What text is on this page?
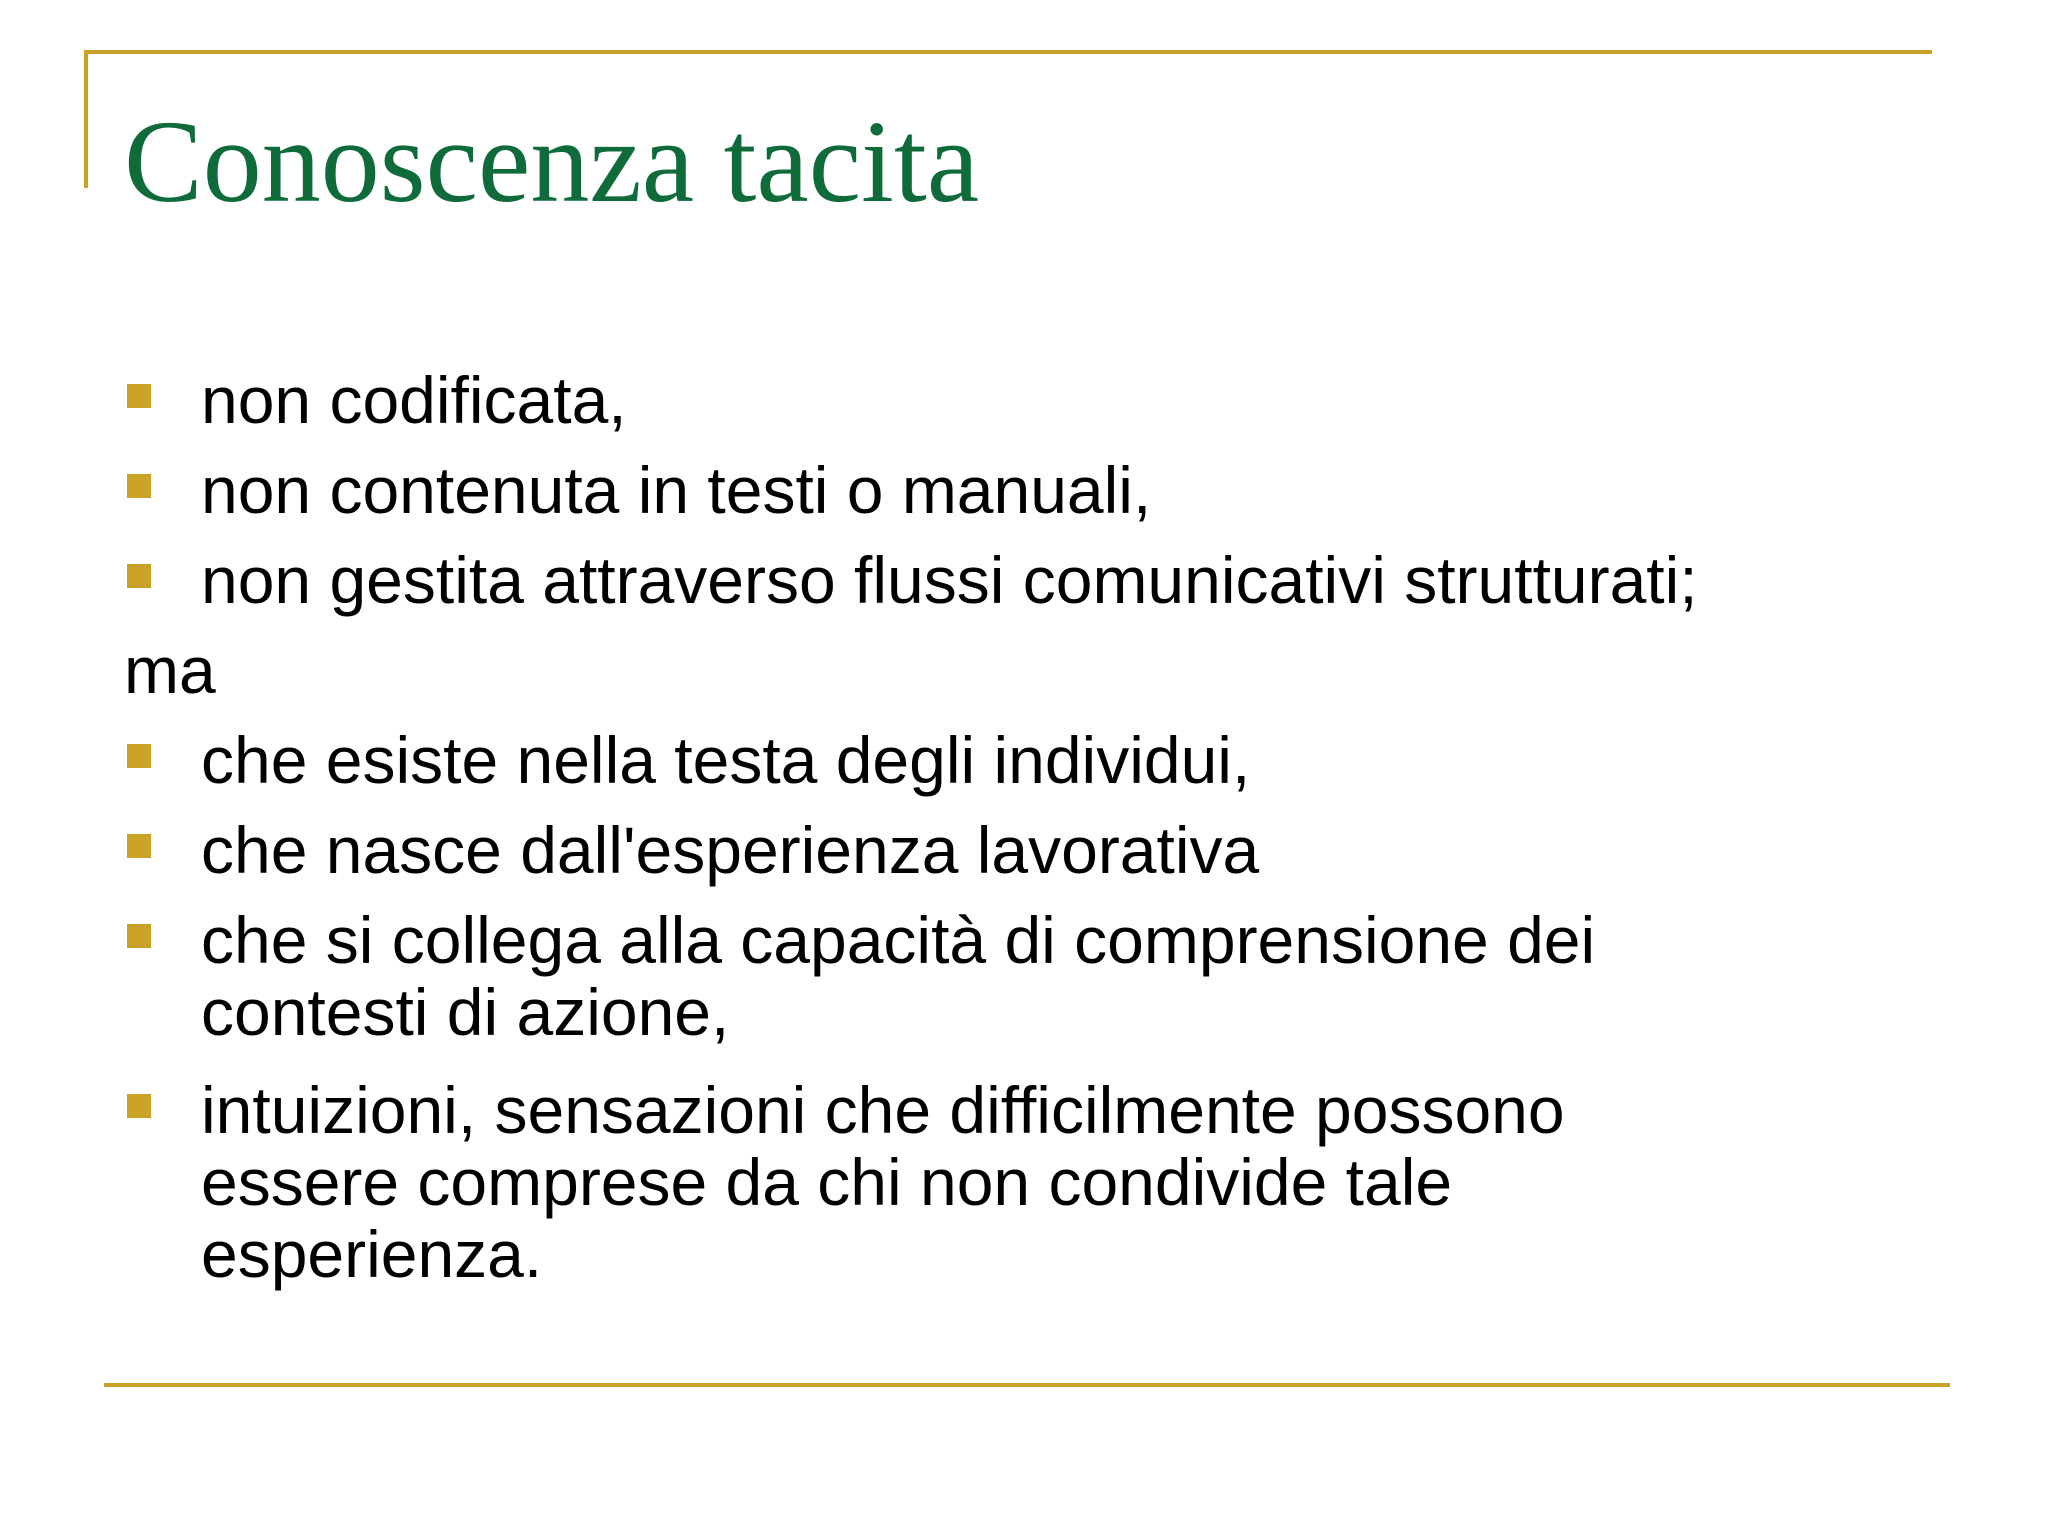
Conoscenza tacita
non codificata,
non contenuta in testi o manuali,
non gestita attraverso flussi comunicativi strutturati;
ma
che esiste nella testa degli individui,
che nasce dall'esperienza lavorativa
che si collega alla capacità di comprensione dei
contesti di azione,
intuizioni, sensazioni che difficilmente possono
essere comprese da chi non condivide tale
esperienza.
